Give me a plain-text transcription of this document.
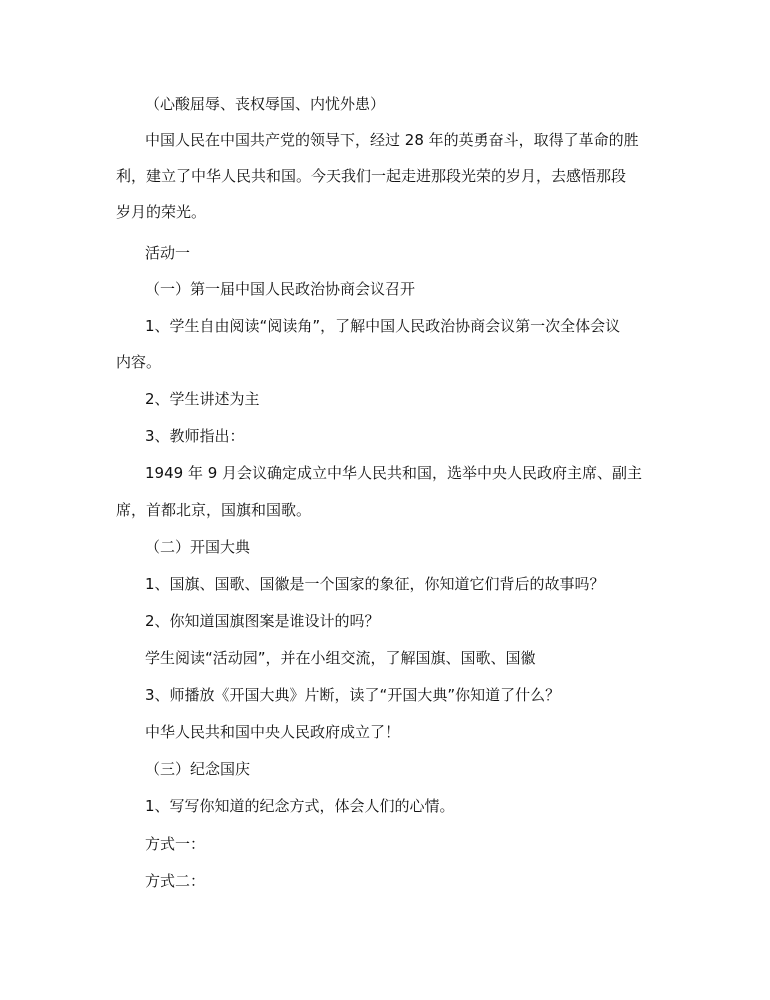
（心酸屈辱、丧权辱国、内忧外患）
中国人民在中国共产党的领导下，经过 28 年的英勇奋斗，取得了革命的胜
利，建立了中华人民共和国。今天我们一起走进那段光荣的岁月，去感悟那段
岁月的荣光。
活动一
（一）第一届中国人民政治协商会议召开
1、学生自由阅读“阅读角”，了解中国人民政治协商会议第一次全体会议
内容。
2、学生讲述为主
3、教师指出：
1949 年 9 月会议确定成立中华人民共和国，选举中央人民政府主席、副主
席，首都北京，国旗和国歌。
（二）开国大典
1、国旗、国歌、国徽是一个国家的象征，你知道它们背后的故事吗？
2、你知道国旗图案是谁设计的吗？
学生阅读“活动园”，并在小组交流，了解国旗、国歌、国徽
3、师播放《开国大典》片断，读了“开国大典”你知道了什么？
中华人民共和国中央人民政府成立了！
（三）纪念国庆
1、写写你知道的纪念方式，体会人们的心情。
方式一：
方式二：
